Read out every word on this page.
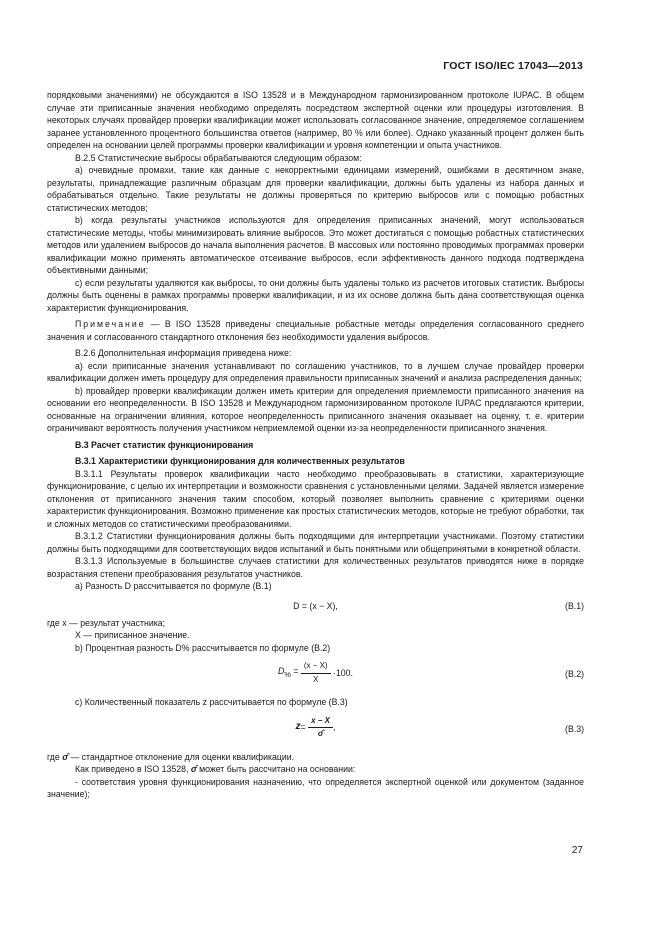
ГОСТ ISO/IEC 17043—2013

порядковыми значениями) не обсуждаются в ISO 13528 и в Международном гармонизированном протоколе IUPAC. В общем случае эти приписанные значения необходимо определять посредством экспертной оценки или процедуры изготовления. В некоторых случаях провайдер проверки квалификации может использовать согласованное значение, определяемое соглашением заранее установленного процентного большинства ответов (например, 80 % или более). Однако указанный процент должен быть определен на основании целей программы проверки квалификации и уровня компетенции и опыта участников.

В.2.5 Статистические выбросы обрабатываются следующим образом:

а) очевидные промахи, такие как данные с некорректными единицами измерений, ошибками в десятичном знаке, результаты, принадлежащие различным образцам для проверки квалификации, должны быть удалены из набора данных и обрабатываться отдельно. Такие результаты не должны проверяться по критерию выбросов или с помощью робастных статистических методов;

b) когда результаты участников используются для определения приписанных значений, могут использоваться статистические методы, чтобы минимизировать влияние выбросов. Это может достигаться с помощью робастных статистических методов или удалением выбросов до начала выполнения расчетов. В массовых или постоянно проводимых программах проверки квалификации можно применять автоматическое отсеивание выбросов, если эффективность данного подхода подтверждена объективными данными;

с) если результаты удаляются как выбросы, то они должны быть удалены только из расчетов итоговых статистик. Выбросы должны быть оценены в рамках программы проверки квалификации, и из их основе должна быть дана соответствующая оценка характеристик функционирования.

Примечание — В ISO 13528 приведены специальные робастные методы определения согласованного среднего значения и согласованного стандартного отклонения без необходимости удаления выбросов.

В.2.6 Дополнительная информация приведена ниже:

а) если приписанные значения устанавливают по соглашению участников, то в лучшем случае провайдер проверки квалификации должен иметь процедуру для определения правильности приписанных значений и анализа распределения данных;

b) провайдер проверки квалификации должен иметь критерии для определения приемлемости приписанного значения на основании его неопределенности. В ISO 13528 и Международном гармонизированном протоколе IUPAC предлагаются критерии, основанные на ограничении влияния, которое неопределенность приписанного значения оказывает на оценку, т. е. критерии ограничивают вероятность получения участником неприемлемой оценки из-за неопределенности приписанного значения.

В.3 Расчет статистик функционирования

В.3.1 Характеристики функционирования для количественных результатов

В.3.1.1 Результаты проверок квалификации часто необходимо преобразовывать в статистики, характеризующие функционирование, с целью их интерпретации и возможности сравнения с установленными целями. Задачей является измерение отклонения от приписанного значения таким способом, который позволяет выполнить сравнение с критериями оценки характеристик функционирования. Возможно применение как простых статистических методов, которые не требуют обработки, так и сложных методов со статистическими преобразованиями.

В.3.1.2 Статистики функционирования должны быть подходящими для интерпретации участниками. Поэтому статистики должны быть подходящими для соответствующих видов испытаний и быть понятными или общепринятыми в конкретной области.

В.3.1.3 Используемые в большинстве случаев статистики для количественных результатов приводятся ниже в порядке возрастания степени преобразования результатов участников.

а) Разность D рассчитывается по формуле (В.1)

D = (x − X),	(В.1)

где x — результат участника;

X — приписанное значение.

b) Процентная разность D% рассчитывается по формуле (В.2)

$D_{\%} = \frac{(x - X)}{X} \cdot 100$.	(В.2)

с) Количественный показатель z рассчитывается по формуле (В.3)

$z= \frac{x - X}{\sigmâ}$ ,	(В.3)

где σ̂ — стандартное отклонение для оценки квалификации.

Как приведено в ISO 13528, σ̂ может быть рассчитано на основании:

- соответствия уровня функционирования назначению, что определяется экспертной оценкой или документом (заданное значение);

27
